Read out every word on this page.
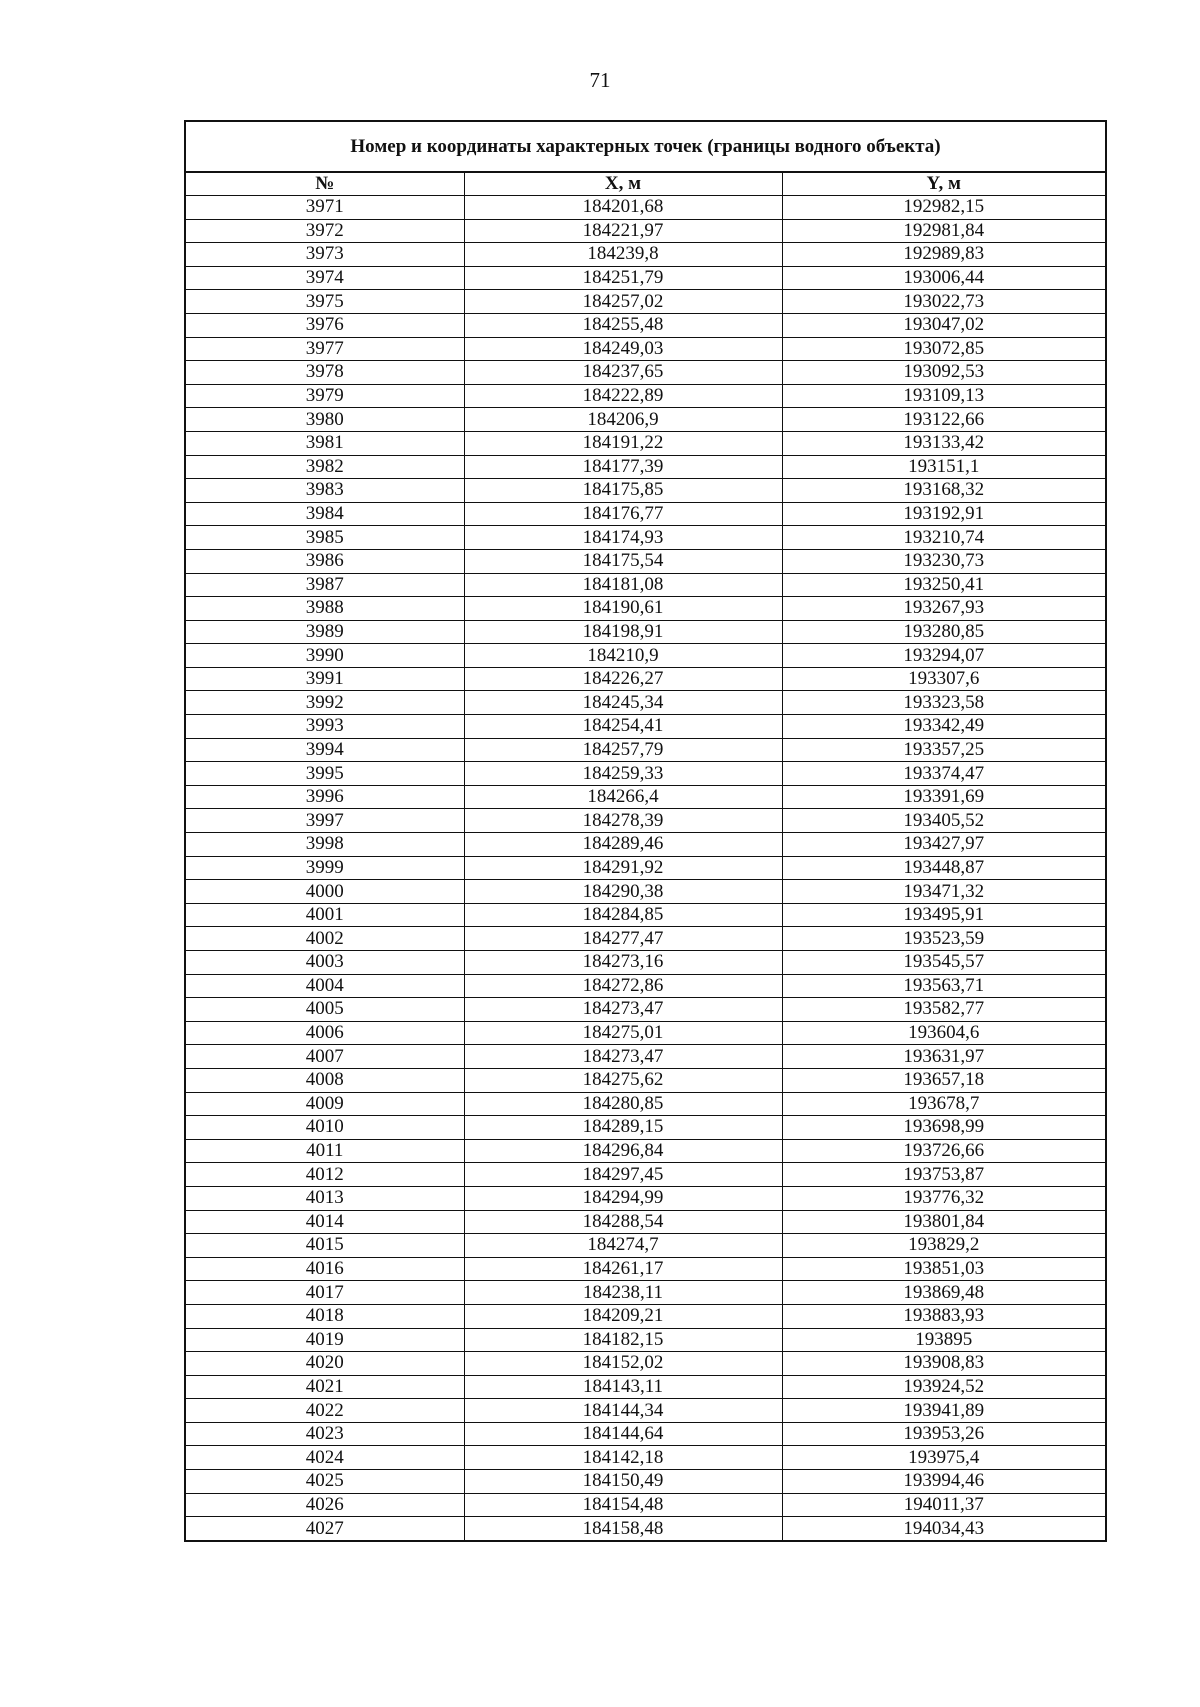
71
Номер и координаты характерных точек (границы водного объекта)		
№	X, м	Y, м
3971	184201,68	192982,15
3972	184221,97	192981,84
3973	184239,8	192989,83
3974	184251,79	193006,44
3975	184257,02	193022,73
3976	184255,48	193047,02
3977	184249,03	193072,85
3978	184237,65	193092,53
3979	184222,89	193109,13
3980	184206,9	193122,66
3981	184191,22	193133,42
3982	184177,39	193151,1
3983	184175,85	193168,32
3984	184176,77	193192,91
3985	184174,93	193210,74
3986	184175,54	193230,73
3987	184181,08	193250,41
3988	184190,61	193267,93
3989	184198,91	193280,85
3990	184210,9	193294,07
3991	184226,27	193307,6
3992	184245,34	193323,58
3993	184254,41	193342,49
3994	184257,79	193357,25
3995	184259,33	193374,47
3996	184266,4	193391,69
3997	184278,39	193405,52
3998	184289,46	193427,97
3999	184291,92	193448,87
4000	184290,38	193471,32
4001	184284,85	193495,91
4002	184277,47	193523,59
4003	184273,16	193545,57
4004	184272,86	193563,71
4005	184273,47	193582,77
4006	184275,01	193604,6
4007	184273,47	193631,97
4008	184275,62	193657,18
4009	184280,85	193678,7
4010	184289,15	193698,99
4011	184296,84	193726,66
4012	184297,45	193753,87
4013	184294,99	193776,32
4014	184288,54	193801,84
4015	184274,7	193829,2
4016	184261,17	193851,03
4017	184238,11	193869,48
4018	184209,21	193883,93
4019	184182,15	193895
4020	184152,02	193908,83
4021	184143,11	193924,52
4022	184144,34	193941,89
4023	184144,64	193953,26
4024	184142,18	193975,4
4025	184150,49	193994,46
4026	184154,48	194011,37
4027	184158,48	194034,43
